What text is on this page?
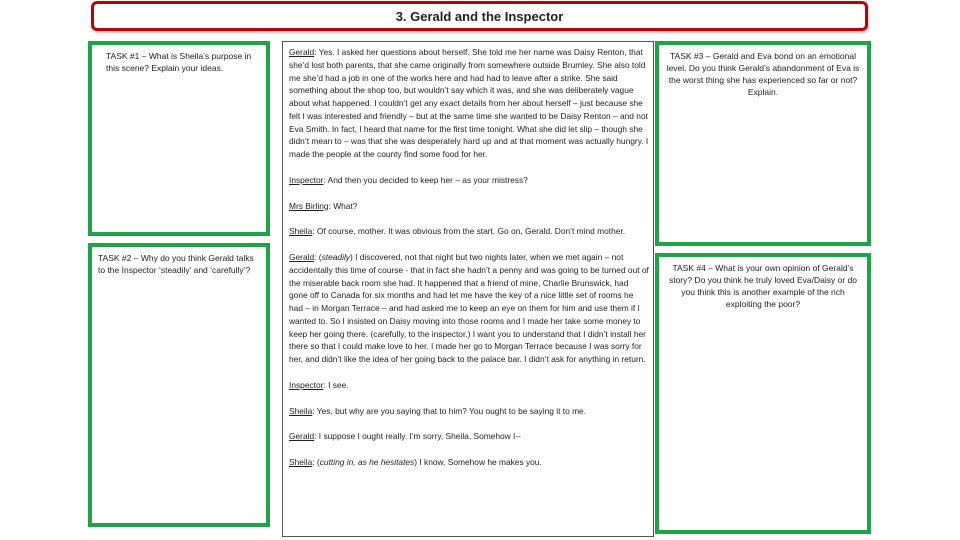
3. Gerald and the Inspector
TASK #1 – What is Sheila’s purpose in this scene? Explain your ideas.
TASK #2 – Why do you think Gerald talks to the Inspector ‘steadily’ and ‘carefully’?
TASK #3 – Gerald and Eva bond on an emotional level. Do you think Gerald’s abandonment of Eva is the worst thing she has experienced so far or not? Explain.
TASK #4 – What is your own opinion of Gerald’s story? Do you think he truly loved Eva/Daisy or do you think this is another example of the rich exploiting the poor?

Gerald: Yes. I asked her questions about herself. She told me her name was Daisy Renton, that she’d lost both parents, that she came originally from somewhere outside Brumley. She also told me she’d had a job in one of the works here and had had to leave after a strike. She said something about the shop too, but wouldn’t say which it was, and she was deliberately vague about what happened. I couldn’t get any exact details from her about herself – just because she felt I was interested and friendly – but at the same time she wanted to be Daisy Renton – and not Eva Smith. In fact, I heard that name for the first time tonight. What she did let slip – though she didn’t mean to – was that she was desperately hard up and at that moment was actually hungry. I made the people at the county find some food for her.

Inspector: And then you decided to keep her – as your mistress?

Mrs Birling: What?

Sheila: Of course, mother. It was obvious from the start. Go on, Gerald. Don’t mind mother.

Gerald: (steadily) I discovered, not that night but two nights later, when we met again – not accidentally this time of course - that in fact she hadn’t a penny and was going to be turned out of the miserable back room she had. It happened that a friend of mine, Charlie Brunswick, had gone off to Canada for six months and had let me have the key of a nice little set of rooms he had – in Morgan Terrace – and had asked me to keep an eye on them for him and use them if I wanted to. So I insisted on Daisy moving into those rooms and I made her take some money to keep her going there. (carefully, to the inspector.) I want you to understand that I didn’t install her there so that I could make love to her. I made her go to Morgan Terrace because I was sorry for her, and didn’t like the idea of her going back to the palace bar. I didn’t ask for anything in return.

Inspector: I see.

Sheila: Yes, but why are you saying that to him? You ought to be saying it to me.

Gerald: I suppose I ought really. I’m sorry, Sheila. Somehow I--

Sheila: (cutting in, as he hesitates) I know. Somehow he makes you.
